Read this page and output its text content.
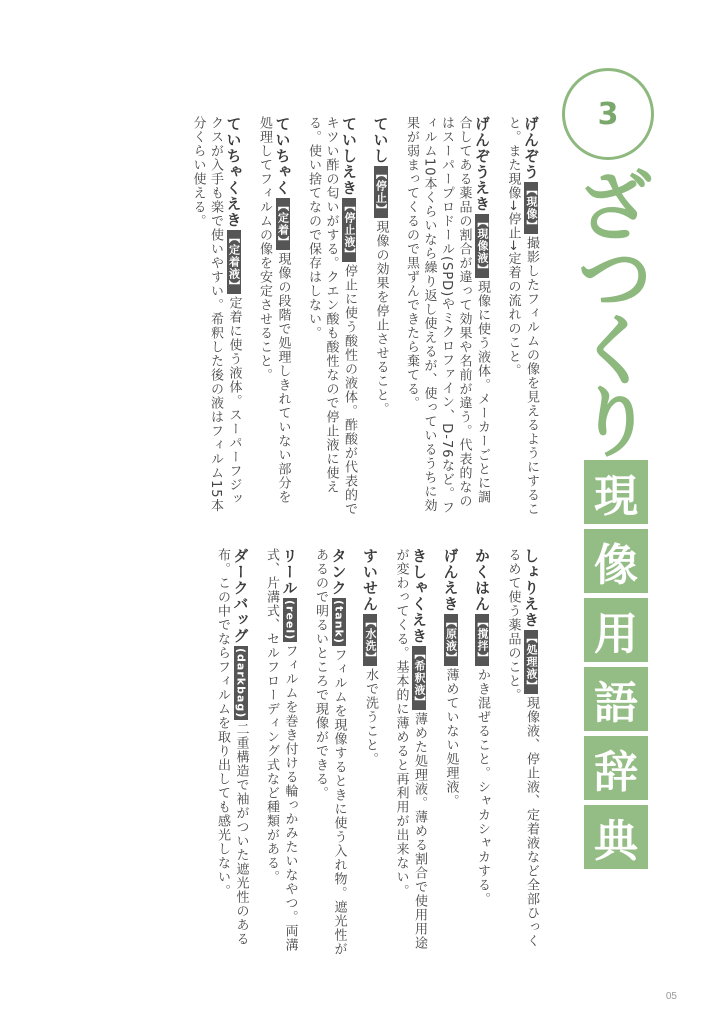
3
ざつくり
現
像
用
語
辞
典

げんぞう【現像】撮影したフィルムの像を見えるようにすること。また現像→停止→定着の流れのこと。

げんぞうえき【現像液】現像に使う液体。メーカーごとに調合してある薬品の割合が違って効果や名前が違う。代表的なのはスーパープロドール(SPD)やミクロファイン、D-76など。フィルム10本くらいなら繰り返し使えるが、使っているうちに効果が弱まってくるので黒ずんできたら棄てる。

ていし【停止】現像の効果を停止させること。

ていしえき【停止液】停止に使う酸性の液体。酢酸が代表的でキツい酢の匂いがする。クエン酸も酸性なので停止液に使える。使い捨てなので保存はしない。

ていちゃく【定着】現像の段階で処理しきれていない部分を処理してフィルムの像を安定させること。

ていちゃくえき【定着液】定着に使う液体。スーパーフジックスが入手も楽で使いやすい。希釈した後の液はフィルム15本分くらい使える。

しょりえき【処理液】現像液、停止液、定着液など全部ひっくるめて使う薬品のこと。

かくはん【撹拌】かき混ぜること。シャカシャカする。

げんえき【原液】薄めていない処理液。

きしゃくえき【希釈液】薄めた処理液。薄める割合で使用用途が変わってくる。基本的に薄めると再利用が出来ない。

すいせん【水洗】水で洗うこと。

タンク(tank)フィルムを現像するときに使う入れ物。遮光性があるので明るいところで現像ができる。

リール(reel)フィルムを巻き付ける輪っかみたいなやつ。両溝式、片溝式、セルフローディング式など種類がある。

ダークバッグ(darkbag)二重構造で袖がついた遮光性のある布。この中でならフィルムを取り出しても感光しない。

05
